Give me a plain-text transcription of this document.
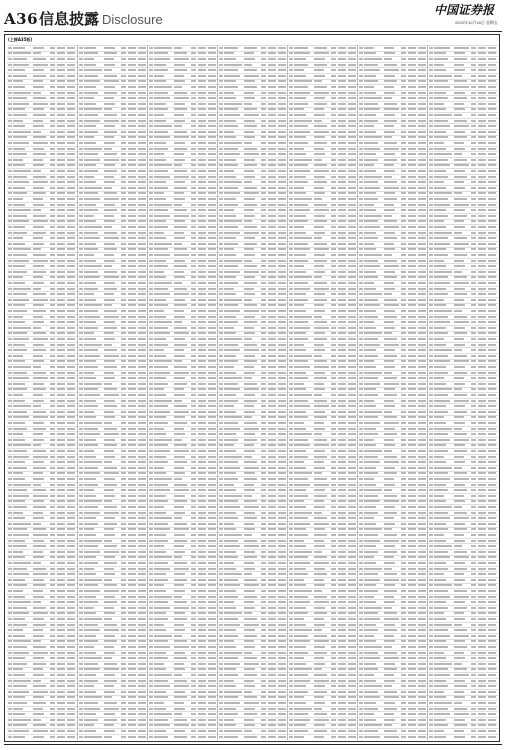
A36 信息披露 Disclosure
中国证券报
2020年10月16日 星期五
(上接A35版)
